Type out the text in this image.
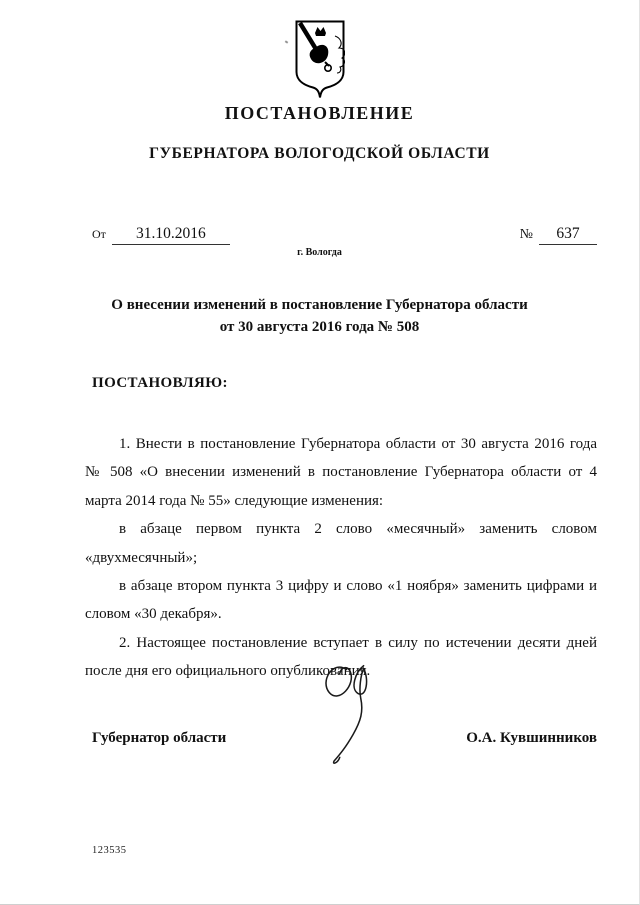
ПОСТАНОВЛЕНИЕ
ГУБЕРНАТОРА ВОЛОГОДСКОЙ ОБЛАСТИ
От	31.10.2016	№	637
г. Вологда
О внесении изменений в постановление Губернатора области
от 30 августа 2016 года № 508
ПОСТАНОВЛЯЮ:

1. Внести в постановление Губернатора области от 30 августа 2016 года № 508 «О внесении изменений в постановление Губернатора области от 4 марта 2014 года № 55» следующие изменения:

в абзаце первом пункта 2 слово «месячный» заменить словом «двухмесячный»;

в абзаце втором пункта 3 цифру и слово «1 ноября» заменить цифрами и словом «30 декабря».

2. Настоящее постановление вступает в силу по истечении десяти дней после дня его официального опубликования.

Губернатор области	О.А. Кувшинников
123535
